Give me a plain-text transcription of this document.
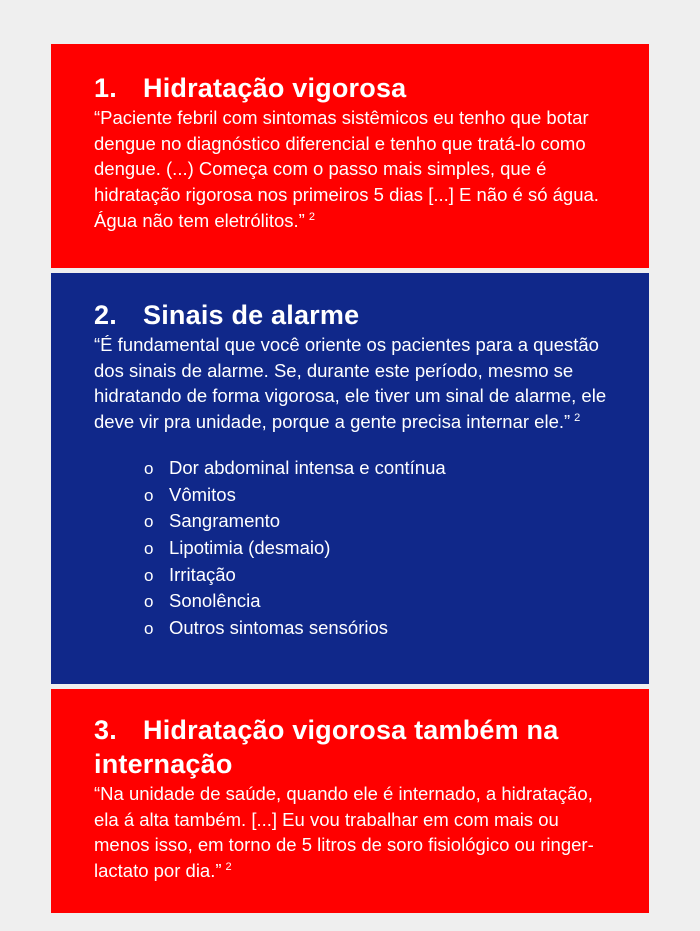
1. Hidratação vigorosa

“Paciente febril com sintomas sistêmicos eu tenho que botar dengue no diagnóstico diferencial e tenho que tratá-lo como dengue. (...) Começa com o passo mais simples, que é hidratação rigorosa nos primeiros 5 dias [...] E não é só água. Água não tem eletrólitos.” $^2$

2. Sinais de alarme

“É fundamental que você oriente os pacientes para a questão dos sinais de alarme. Se, durante este período, mesmo se hidratando de forma vigorosa, ele tiver um sinal de alarme, ele deve vir pra unidade, porque a gente precisa internar ele.” $^2$

o Dor abdominal intensa e contínua
o Vômitos
o Sangramento
o Lipotimia (desmaio)
o Irritação
o Sonolência
o Outros sintomas sensórios
3. Hidratação vigorosa também na internação

“Na unidade de saúde, quando ele é internado, a hidratação, ela á alta também. [...] Eu vou trabalhar em com mais ou menos isso, em torno de 5 litros de soro fisiológico ou ringer-lactato por dia.” $^2$
